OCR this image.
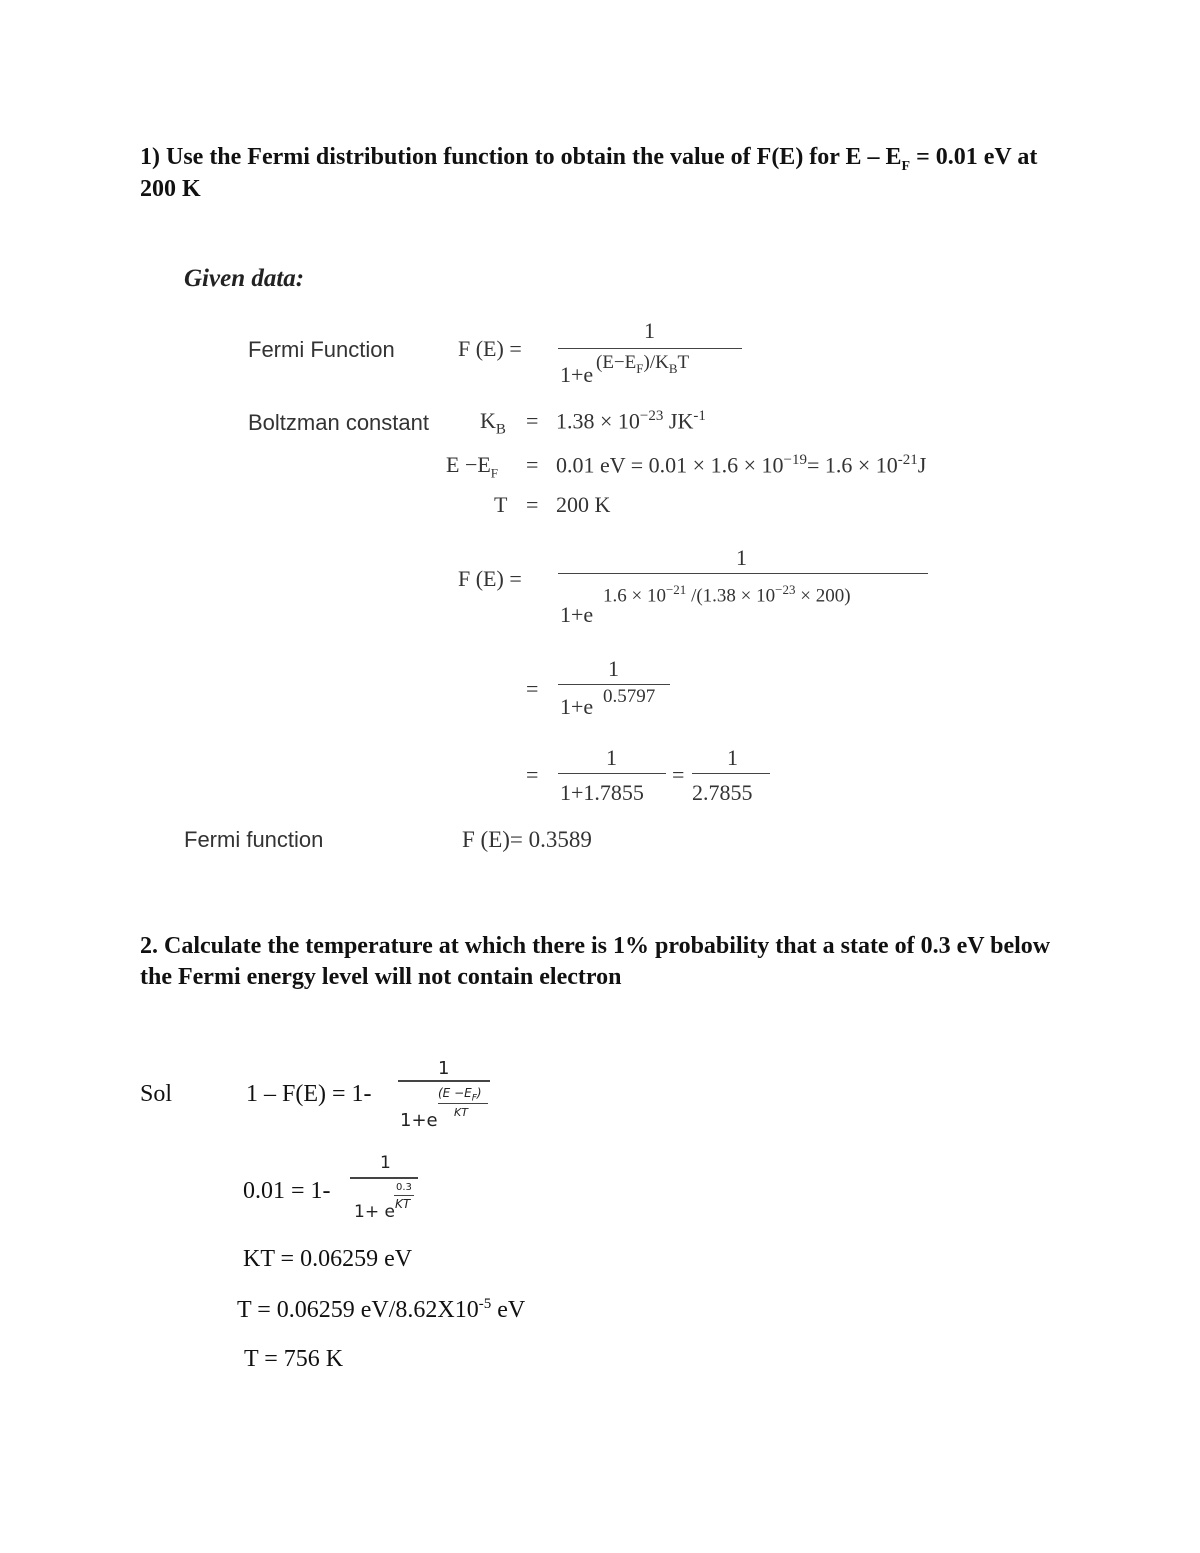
1) Use the Fermi distribution function to obtain the value of F(E) for $E - E_F = 0.01$ eV at
200 K
Given data:
Fermi Function	F (E) =
1
1+e $(E-E_F)/K_BT$
Boltzman constant $K_B = 1.38 \times 10^{-23}$ $JK^{-1}$
$E -E_F = 0.01$ eV = $0.01 \times 1.6 \times 10^{-19}= 1.6 \times 10^{-21}J$
T = 200 K
F (E) =
1
1+e
$1.6 \times 10^{-21}$ $/(1.38 \times 10^{-23} \times 200)$
=
1
1+e 0.5797
=
1
1+1.7855
=
1
2.7855
Fermi function	F (E)= 0.3589
2. Calculate the temperature at which there is 1% probability that a state of 0.3 eV below
the Fermi energy level will not contain electron
Sol	1 – F(E) = 1-
1
1+e
$(E -E_F)$
KT
0.01 = 1-
1
1+ e
0.3
KT
KT = 0.06259 eV
T = 0.06259 $eV/8.62X10^{-5}$ eV
T = 756 K
